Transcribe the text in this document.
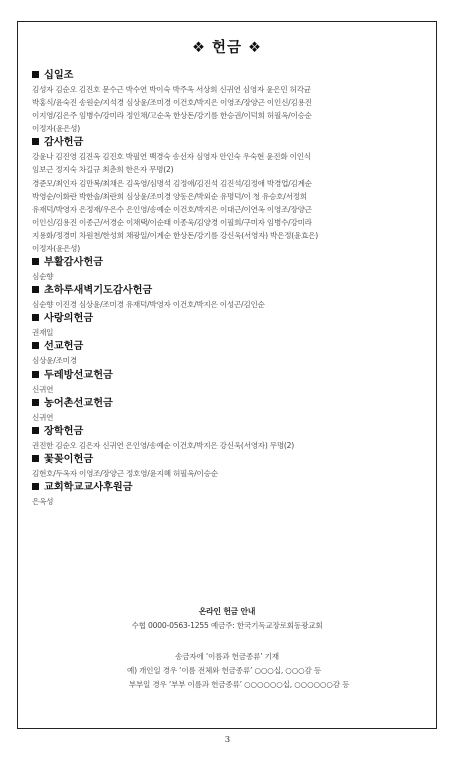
❖ 헌금 ❖
십일조
김성자 김순오 김진호 문수근 박수연 박이숙 박주옥 서상희 신귀연 심영자 윤은민 허각균
박홍식/윤숙진 송원순/지석경 심상윤/조미경 이건호/박지은 이영조/장양근 이인신/김용진
이지영/김은주 임병수/강미라 정인채/고순옥 한상돈/강기름 한승권/이덕희 허필옥/이승순
이정자(윤은성)
감사헌금
강윤나 김진영 김진옥 김진호 박필연 백경숙 송선자 심영자 안인숙 우숙현 윤진화 이인식
임보근 정지숙 차길규 최춘희 한은자 무명(2)
경준모/최인자 김만복/최채은 김옥영/심명석 김정애/김진석 김진석/김정애 박경업/김계순
박영순/이화란 박한솔/최란희 심상윤/조미경 양동은/박외순 유명덕/이 청 유승호/서정희
유재덕/박영자 은정재/우은수 은인영/송예순 이건호/박지은 이대근/이연옥 이영조/장양근
이인신/김용진 이종근/서경순 이채택/이순태 이종욱/김양경 이필희/구미자 임병수/강미라
지용화/정경미 차원천/한성희 채광일/이계순 한상돈/강기름 강신욱(서영자) 박은정(윤효은)
이정자(윤은성)
부활감사헌금
심순향
초하루새벽기도감사헌금
심순향 이진경 심상윤/조미경 유재덕/박영자 이건호/박지은 이성곤/김인순
사랑의헌금
권재일
선교헌금
심상윤/조미경
두레방선교헌금
신귀연
농어촌선교헌금
신귀연
장학헌금
권진한 김순오 김은자 신귀연 은인영/송예순 이건호/박지은 강신욱(서영자) 무명(2)
꽃꽂이헌금
김현호/두옥자 이영조/장양근 정호영/윤지혜 허필옥/이승순
교회학교교사후원금
은옥성
온라인 헌금 안내
수협 0000-0563-1255 예금주: 한국기독교장로회동광교회
송금자에 ‘이름과 헌금종류’ 기재
예) 개인일 경우 ‘이름 전체와 헌금종류’ ○○○십, ○○○감 등
부부일 경우 ‘부부 이름과 헌금종류’ ○○○○○○십, ○○○○○○감 등
3
